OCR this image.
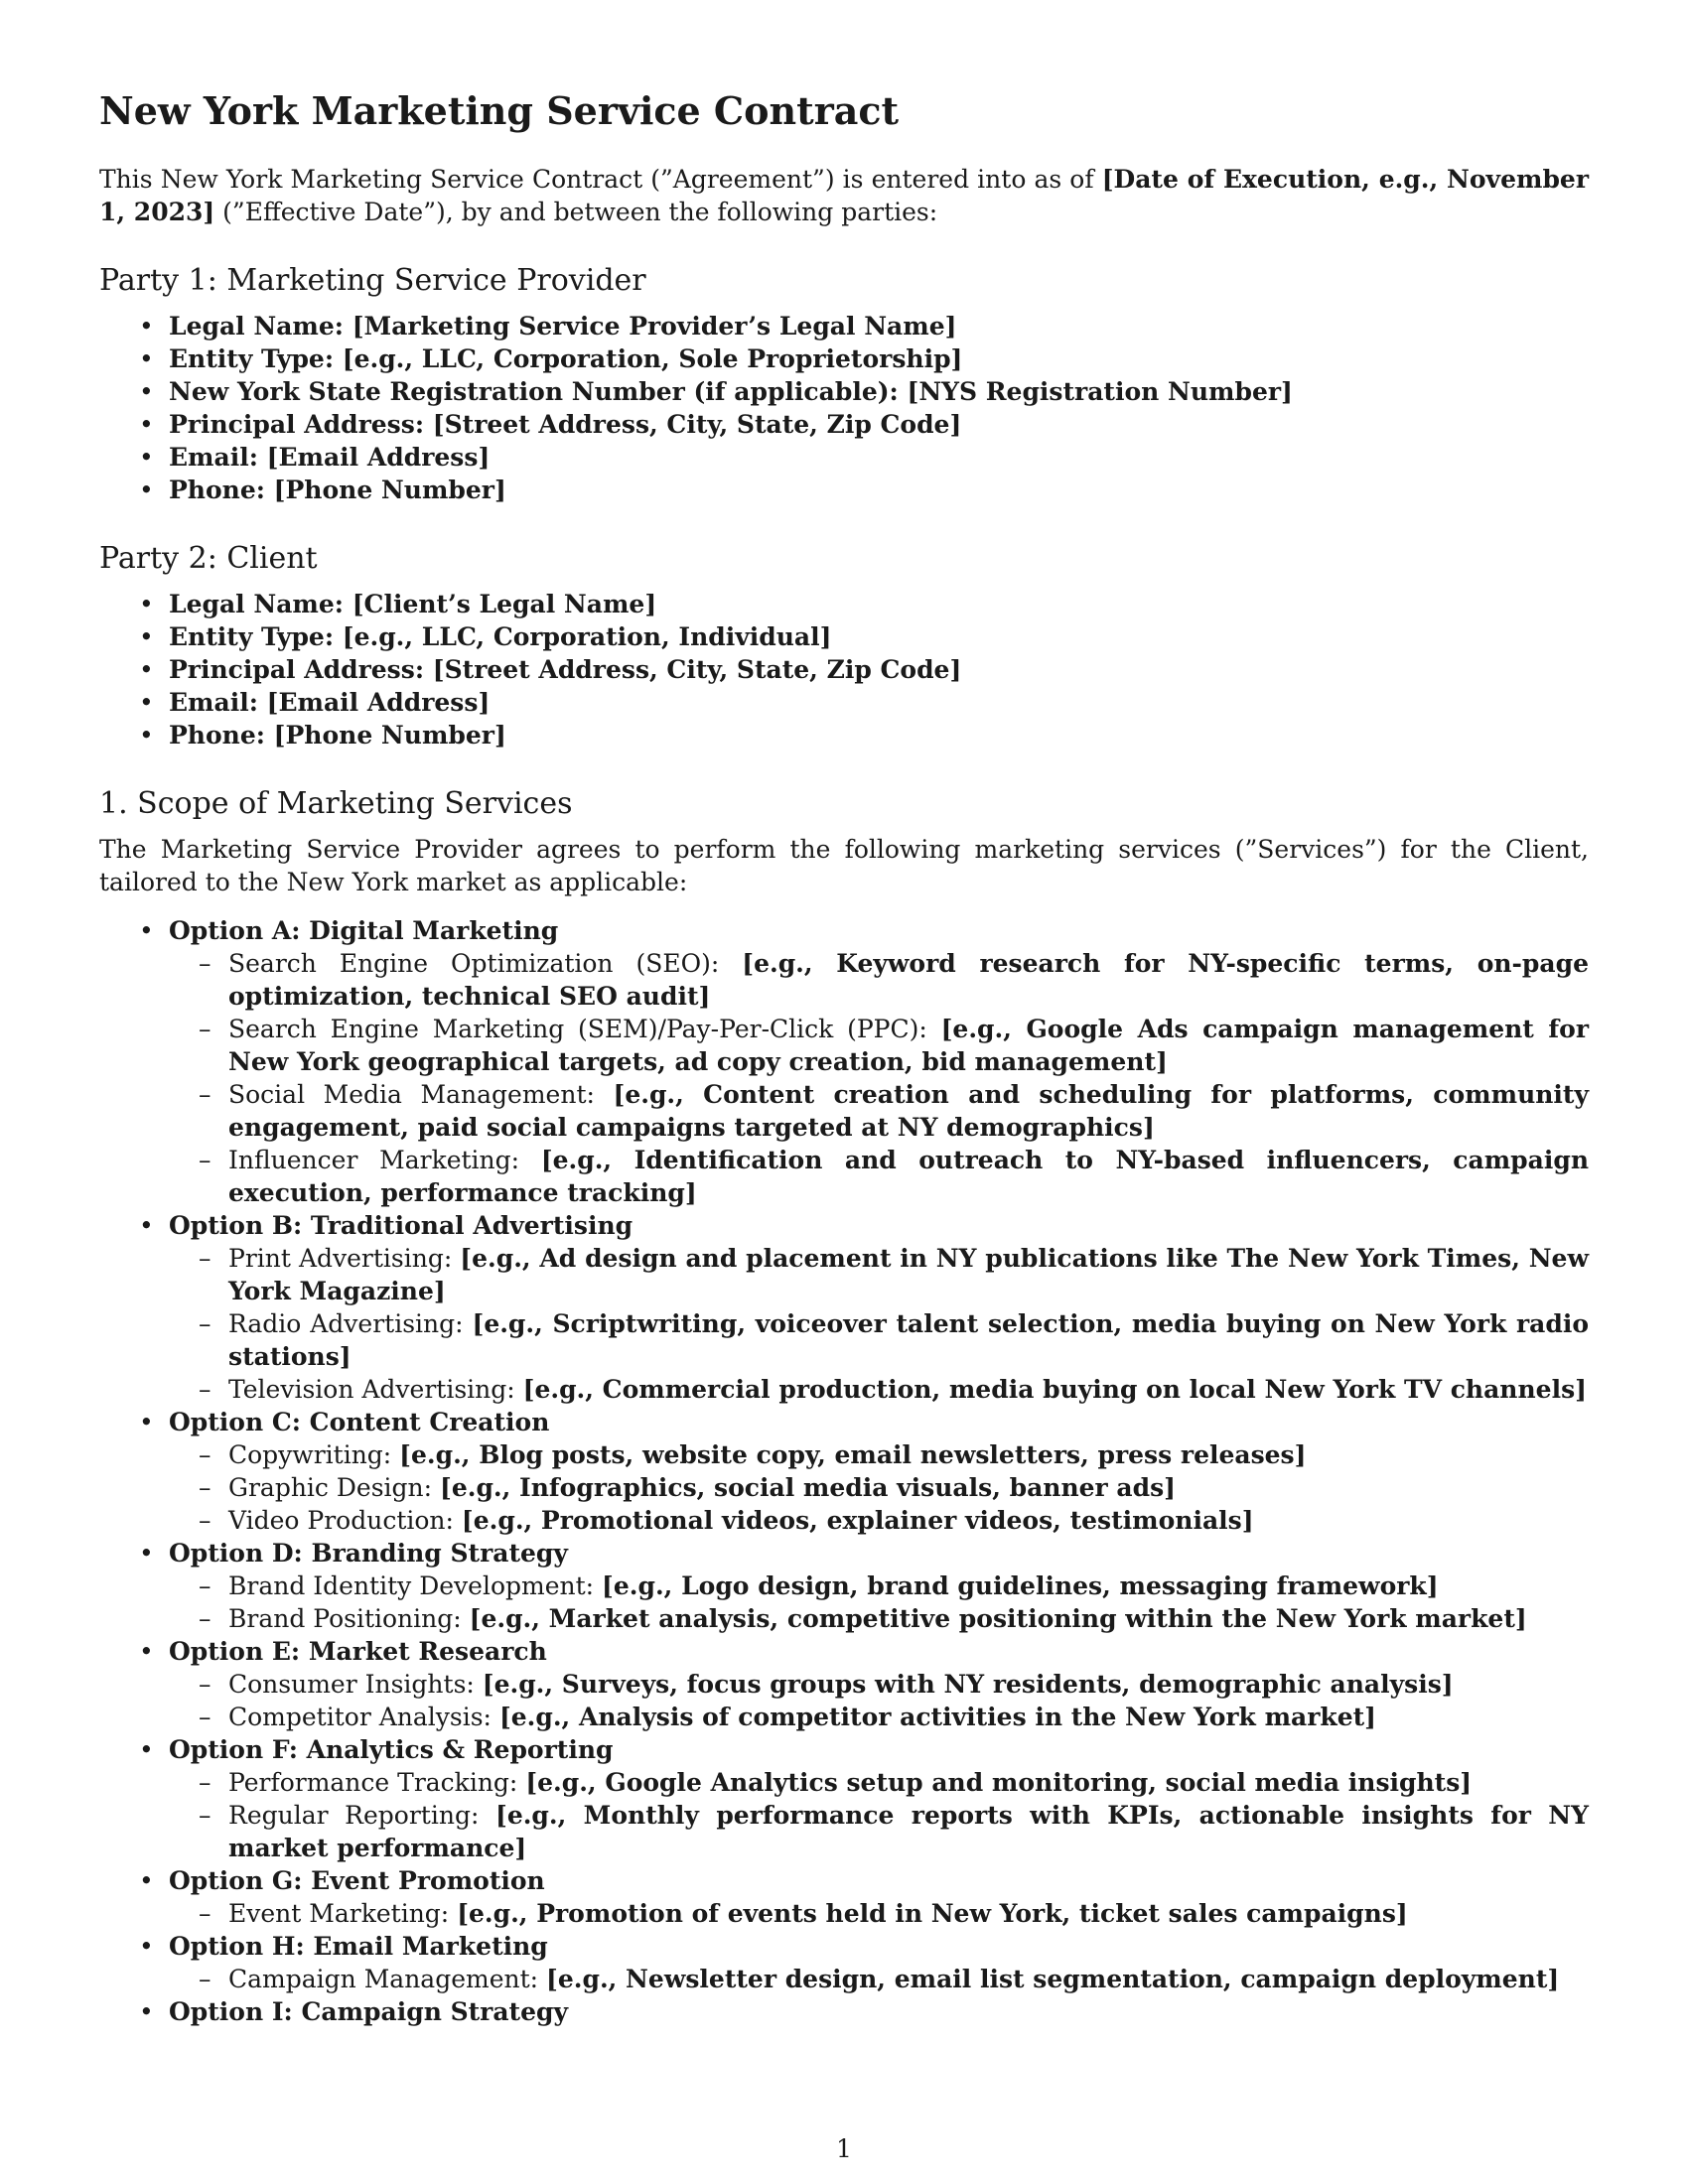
New York Marketing Service Contract

This New York Marketing Service Contract (”Agreement”) is entered into as of [Date of Execution, e.g., November 1, 2023] (”Effective Date”), by and between the following parties:

Party 1: Marketing Service Provider
• Legal Name: [Marketing Service Provider’s Legal Name]
• Entity Type: [e.g., LLC, Corporation, Sole Proprietorship]
• New York State Registration Number (if applicable): [NYS Registration Number]
• Principal Address: [Street Address, City, State, Zip Code]
• Email: [Email Address]
• Phone: [Phone Number]
Party 2: Client
• Legal Name: [Client’s Legal Name]
• Entity Type: [e.g., LLC, Corporation, Individual]
• Principal Address: [Street Address, City, State, Zip Code]
• Email: [Email Address]
• Phone: [Phone Number]
1. Scope of Marketing Services

The Marketing Service Provider agrees to perform the following marketing services (”Services”) for the Client, tailored to the New York market as applicable:

• Option A: Digital Marketing
– Search Engine Optimization (SEO): [e.g., Keyword research for NY-specific terms, on-page optimization, technical SEO audit]
– Search Engine Marketing (SEM)/Pay-Per-Click (PPC): [e.g., Google Ads campaign management for New York geographical targets, ad copy creation, bid management]
– Social Media Management: [e.g., Content creation and scheduling for platforms, community engagement, paid social campaigns targeted at NY demographics]
– Influencer Marketing: [e.g., Identification and outreach to NY-based influencers, campaign execution, performance tracking]
• Option B: Traditional Advertising
– Print Advertising: [e.g., Ad design and placement in NY publications like The New York Times, New York Magazine]
– Radio Advertising: [e.g., Scriptwriting, voiceover talent selection, media buying on New York radio stations]
– Television Advertising: [e.g., Commercial production, media buying on local New York TV channels]
• Option C: Content Creation
– Copywriting: [e.g., Blog posts, website copy, email newsletters, press releases]
– Graphic Design: [e.g., Infographics, social media visuals, banner ads]
– Video Production: [e.g., Promotional videos, explainer videos, testimonials]
• Option D: Branding Strategy
– Brand Identity Development: [e.g., Logo design, brand guidelines, messaging framework]
– Brand Positioning: [e.g., Market analysis, competitive positioning within the New York market]
• Option E: Market Research
– Consumer Insights: [e.g., Surveys, focus groups with NY residents, demographic analysis]
– Competitor Analysis: [e.g., Analysis of competitor activities in the New York market]
• Option F: Analytics & Reporting
– Performance Tracking: [e.g., Google Analytics setup and monitoring, social media insights]
– Regular Reporting: [e.g., Monthly performance reports with KPIs, actionable insights for NY market performance]
• Option G: Event Promotion
– Event Marketing: [e.g., Promotion of events held in New York, ticket sales campaigns]
• Option H: Email Marketing
– Campaign Management: [e.g., Newsletter design, email list segmentation, campaign deployment]
• Option I: Campaign Strategy
1
